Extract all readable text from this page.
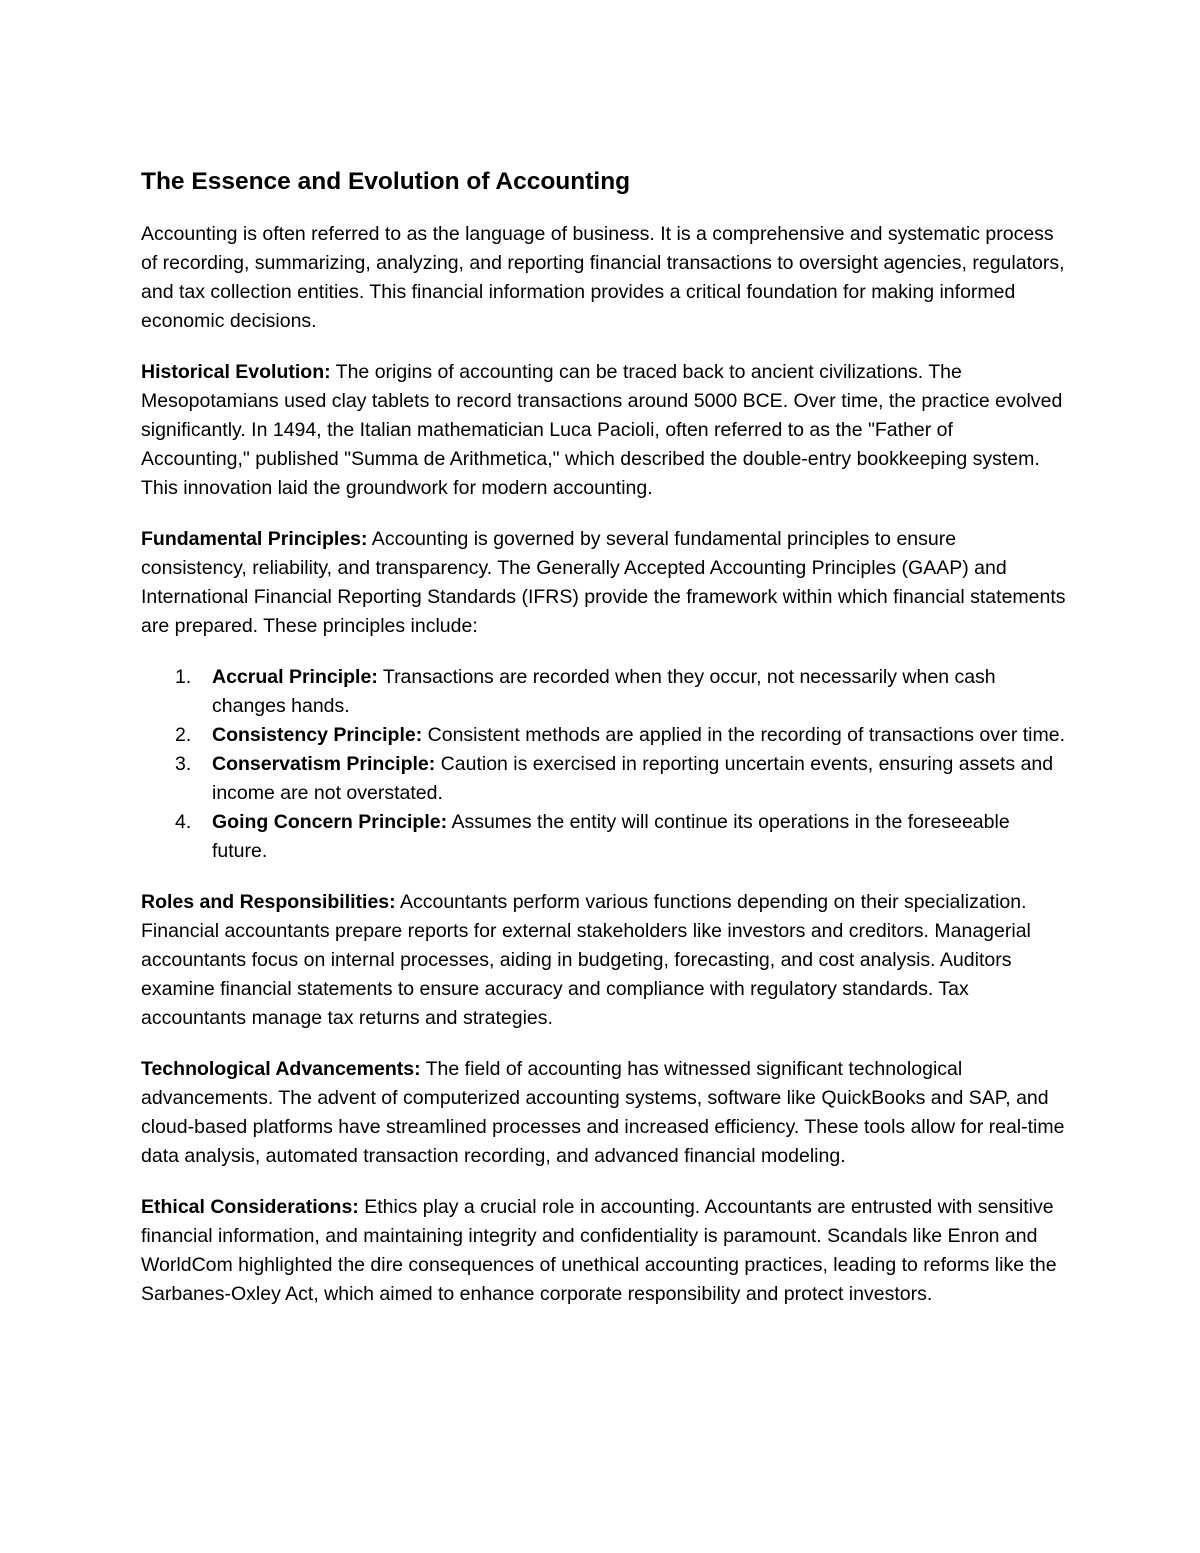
The Essence and Evolution of Accounting

Accounting is often referred to as the language of business. It is a comprehensive and systematic process of recording, summarizing, analyzing, and reporting financial transactions to oversight agencies, regulators, and tax collection entities. This financial information provides a critical foundation for making informed economic decisions.

Historical Evolution: The origins of accounting can be traced back to ancient civilizations. The Mesopotamians used clay tablets to record transactions around 5000 BCE. Over time, the practice evolved significantly. In 1494, the Italian mathematician Luca Pacioli, often referred to as the "Father of Accounting," published "Summa de Arithmetica," which described the double-entry bookkeeping system. This innovation laid the groundwork for modern accounting.

Fundamental Principles: Accounting is governed by several fundamental principles to ensure consistency, reliability, and transparency. The Generally Accepted Accounting Principles (GAAP) and International Financial Reporting Standards (IFRS) provide the framework within which financial statements are prepared. These principles include:

1. Accrual Principle: Transactions are recorded when they occur, not necessarily when cash changes hands.
2. Consistency Principle: Consistent methods are applied in the recording of transactions over time.
3. Conservatism Principle: Caution is exercised in reporting uncertain events, ensuring assets and income are not overstated.
4. Going Concern Principle: Assumes the entity will continue its operations in the foreseeable future.

Roles and Responsibilities: Accountants perform various functions depending on their specialization. Financial accountants prepare reports for external stakeholders like investors and creditors. Managerial accountants focus on internal processes, aiding in budgeting, forecasting, and cost analysis. Auditors examine financial statements to ensure accuracy and compliance with regulatory standards. Tax accountants manage tax returns and strategies.

Technological Advancements: The field of accounting has witnessed significant technological advancements. The advent of computerized accounting systems, software like QuickBooks and SAP, and cloud-based platforms have streamlined processes and increased efficiency. These tools allow for real-time data analysis, automated transaction recording, and advanced financial modeling.

Ethical Considerations: Ethics play a crucial role in accounting. Accountants are entrusted with sensitive financial information, and maintaining integrity and confidentiality is paramount. Scandals like Enron and WorldCom highlighted the dire consequences of unethical accounting practices, leading to reforms like the Sarbanes-Oxley Act, which aimed to enhance corporate responsibility and protect investors.
